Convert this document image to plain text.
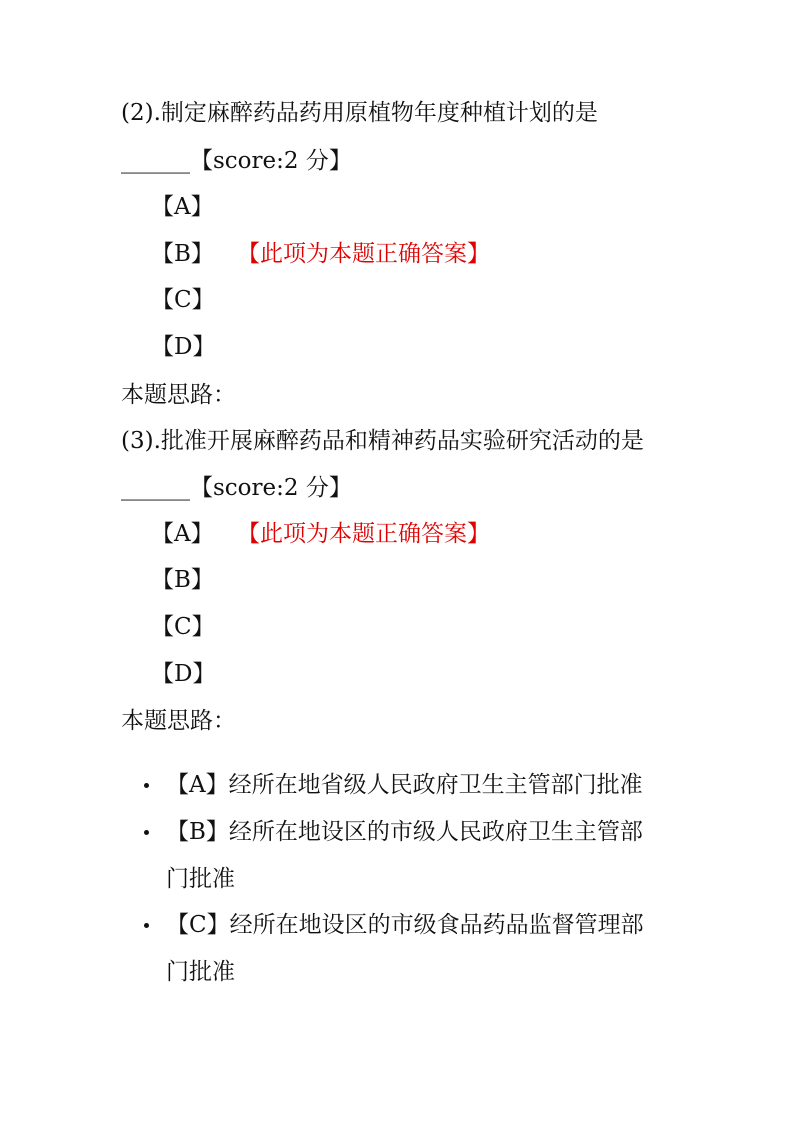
(2).制定麻醉药品药用原植物年度种植计划的是
______【score:2 分】
【A】
【B】 【此项为本题正确答案】
【C】
【D】
本题思路：
(3).批准开展麻醉药品和精神药品实验研究活动的是
______【score:2 分】
【A】 【此项为本题正确答案】
【B】
【C】
【D】
本题思路：
【A】经所在地省级人民政府卫生主管部门批准
【B】经所在地设区的市级人民政府卫生主管部
门批准
【C】经所在地设区的市级食品药品监督管理部
门批准
